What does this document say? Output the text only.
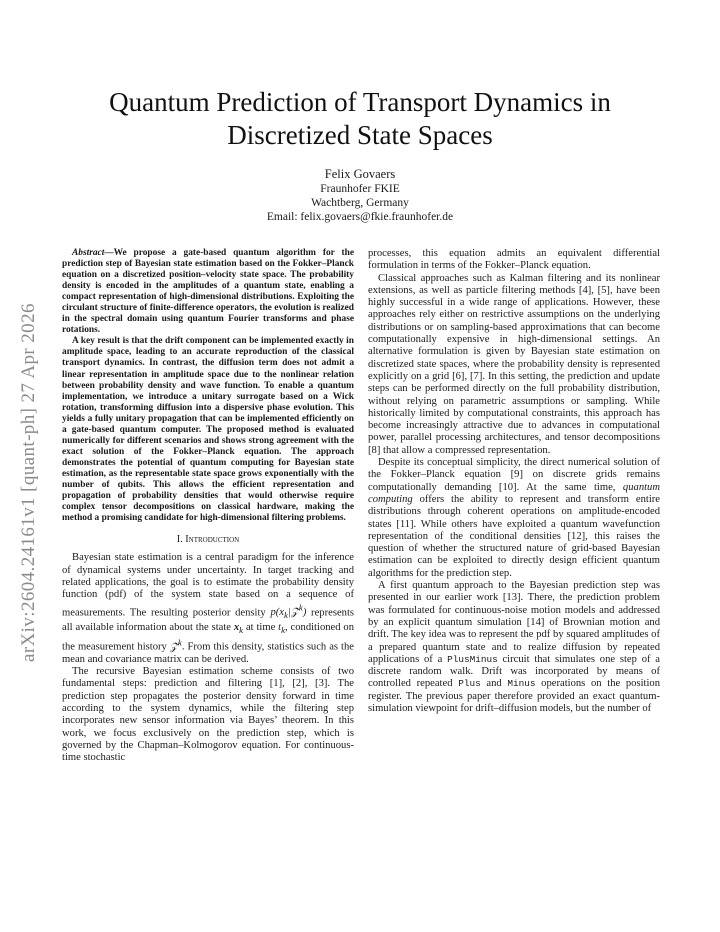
Quantum Prediction of Transport Dynamics in
Discretized State Spaces
Felix Govaers
Fraunhofer FKIE
Wachtberg, Germany
Email: felix.govaers@fkie.fraunhofer.de
arXiv:2604.24161v1 [quant-ph] 27 Apr 2026

Abstract—We propose a gate-based quantum algorithm for the prediction step of Bayesian state estimation based on the Fokker–Planck equation on a discretized position–velocity state space. The probability density is encoded in the amplitudes of a quantum state, enabling a compact representation of high-dimensional distributions. Exploiting the circulant structure of finite-difference operators, the evolution is realized in the spectral domain using quantum Fourier transforms and phase rotations.

A key result is that the drift component can be implemented exactly in amplitude space, leading to an accurate reproduction of the classical transport dynamics. In contrast, the diffusion term does not admit a linear representation in amplitude space due to the nonlinear relation between probability density and wave function. To enable a quantum implementation, we introduce a unitary surrogate based on a Wick rotation, transforming diffusion into a dispersive phase evolution. This yields a fully unitary propagation that can be implemented efficiently on a gate-based quantum computer. The proposed method is evaluated numerically for different scenarios and shows strong agreement with the exact solution of the Fokker–Planck equation. The approach demonstrates the potential of quantum computing for Bayesian state estimation, as the representable state space grows exponentially with the number of qubits. This allows the efficient representation and propagation of probability densities that would otherwise require complex tensor decompositions on classical hardware, making the method a promising candidate for high-dimensional filtering problems.

I. Introduction

Bayesian state estimation is a central paradigm for the inference of dynamical systems under uncertainty. In target tracking and related applications, the goal is to estimate the probability density function (pdf) of the system state based on a sequence of measurements. The resulting posterior density $p(x_k|𝒵^k)$ represents all available information about the state $x_k$ at time $t_k$, conditioned on the measurement history 𝒵$^k$. From this density, statistics such as the mean and covariance matrix can be derived.

The recursive Bayesian estimation scheme consists of two fundamental steps: prediction and filtering [1], [2], [3]. The prediction step propagates the posterior density forward in time according to the system dynamics, while the filtering step incorporates new sensor information via Bayes’ theorem. In this work, we focus exclusively on the prediction step, which is governed by the Chapman–Kolmogorov equation. For continuous-time stochastic

processes, this equation admits an equivalent differential formulation in terms of the Fokker–Planck equation.

Classical approaches such as Kalman filtering and its nonlinear extensions, as well as particle filtering methods [4], [5], have been highly successful in a wide range of applications. However, these approaches rely either on restrictive assumptions on the underlying distributions or on sampling-based approximations that can become computationally expensive in high-dimensional settings. An alternative formulation is given by Bayesian state estimation on discretized state spaces, where the probability density is represented explicitly on a grid [6], [7]. In this setting, the prediction and update steps can be performed directly on the full probability distribution, without relying on parametric assumptions or sampling. While historically limited by computational constraints, this approach has become increasingly attractive due to advances in computational power, parallel processing architectures, and tensor decompositions [8] that allow a compressed representation.

Despite its conceptual simplicity, the direct numerical solution of the Fokker–Planck equation [9] on discrete grids remains computationally demanding [10]. At the same time, quantum computing offers the ability to represent and transform entire distributions through coherent operations on amplitude-encoded states [11]. While others have exploited a quantum wavefunction representation of the conditional densities [12], this raises the question of whether the structured nature of grid-based Bayesian estimation can be exploited to directly design efficient quantum algorithms for the prediction step.

A first quantum approach to the Bayesian prediction step was presented in our earlier work [13]. There, the prediction problem was formulated for continuous-noise motion models and addressed by an explicit quantum simulation [14] of Brownian motion and drift. The key idea was to represent the pdf by squared amplitudes of a prepared quantum state and to realize diffusion by repeated applications of a PlusMinus circuit that simulates one step of a discrete random walk. Drift was incorporated by means of controlled repeated Plus and Minus operations on the position register. The previous paper therefore provided an exact quantum-simulation viewpoint for drift–diffusion models, but the number of
